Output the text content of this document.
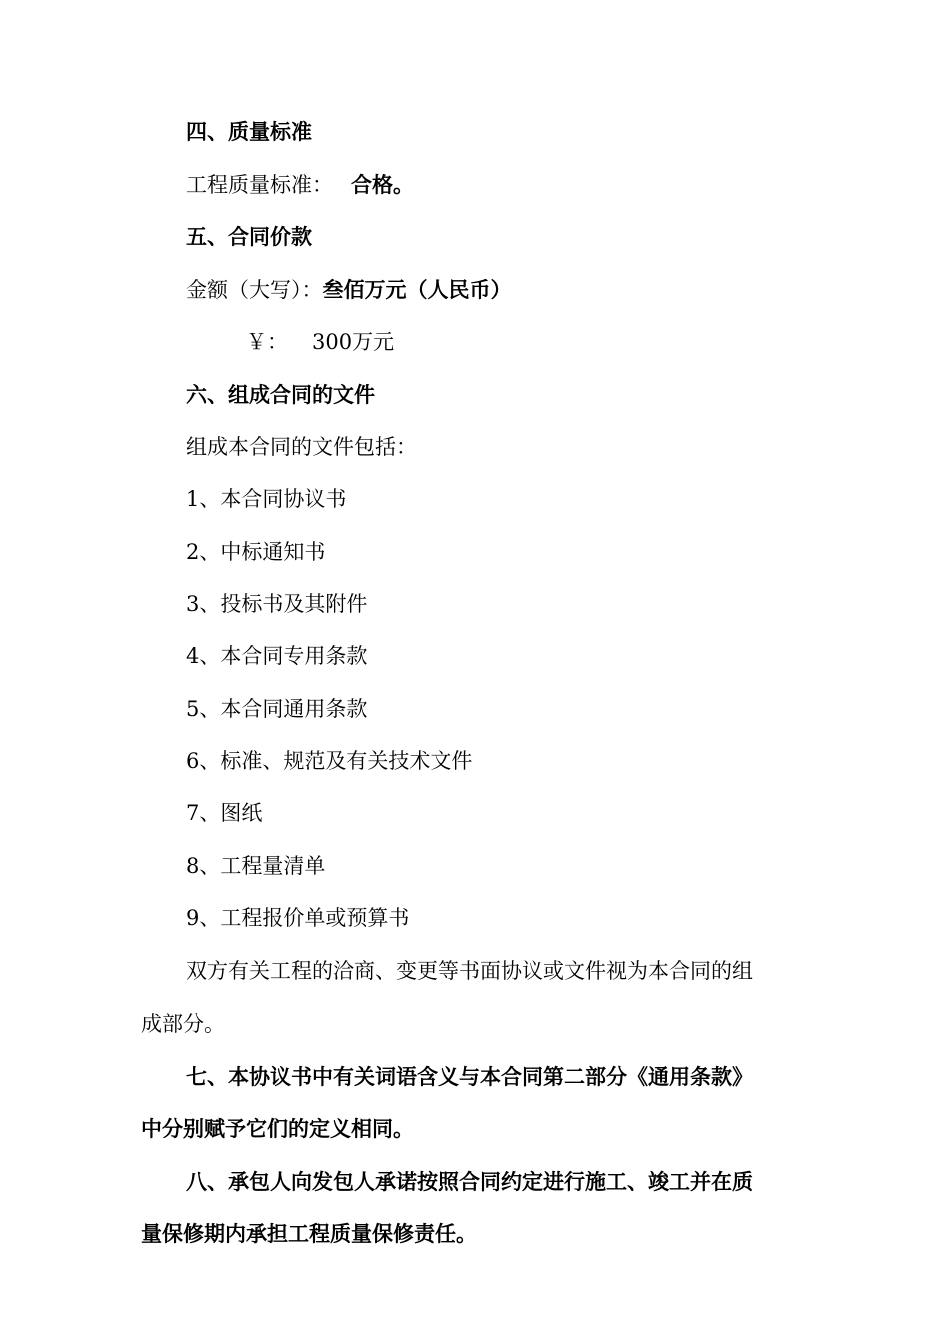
四、质量标准
工程质量标准： 合格。
五、合同价款
金额（大写）：叁佰万元（人民币）
￥： 300万元
六、组成合同的文件
组成本合同的文件包括：
1、本合同协议书
2、中标通知书
3、投标书及其附件
4、本合同专用条款
5、本合同通用条款
6、标准、规范及有关技术文件
7、图纸
8、工程量清单
9、工程报价单或预算书
双方有关工程的洽商、变更等书面协议或文件视为本合同的组
成部分。
七、本协议书中有关词语含义与本合同第二部分《通用条款》
中分别赋予它们的定义相同。
八、承包人向发包人承诺按照合同约定进行施工、竣工并在质
量保修期内承担工程质量保修责任。
